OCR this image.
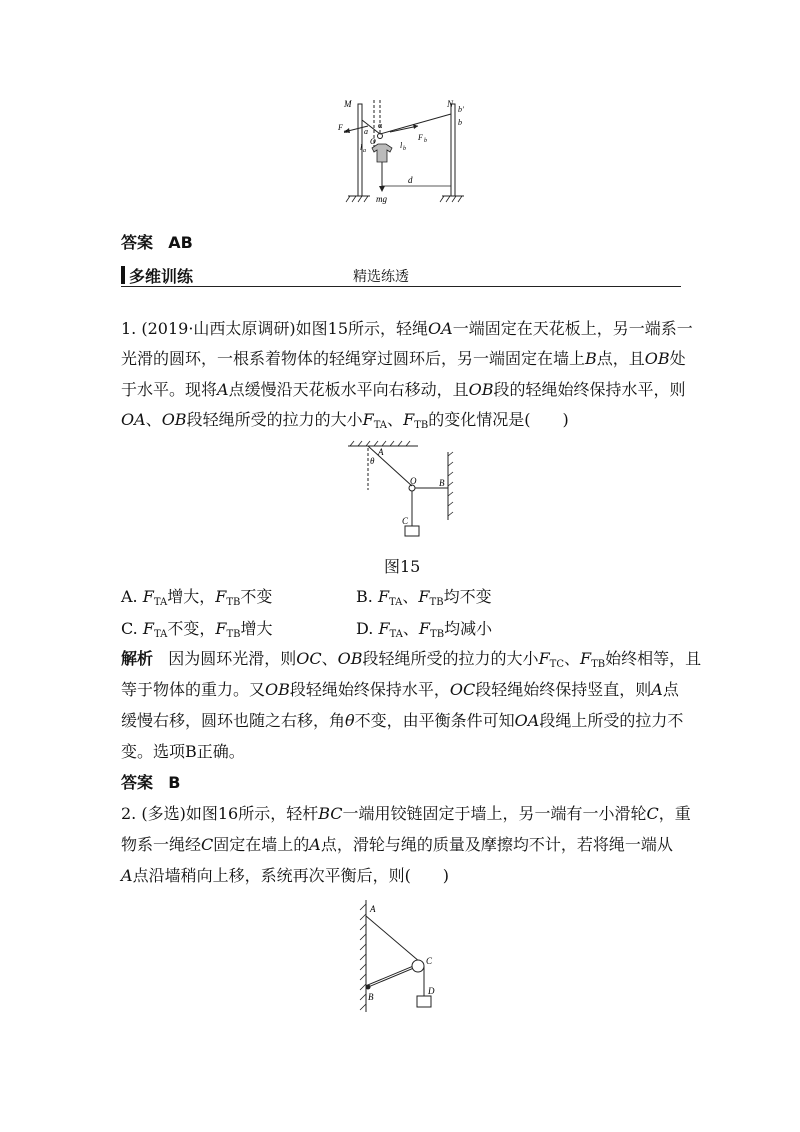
M	N
b′
b
F a a
α
O
l a
l b
F b
d
mg
答案 AB
多维训练	精选练透
1. (2019·山西太原调研)如图15所示，轻绳OA一端固定在天花板上，另一端系一
光滑的圆环，一根系着物体的轻绳穿过圆环后，另一端固定在墙上B点，且OB处
于水平。现将A点缓慢沿天花板水平向右移动，且OB段的轻绳始终保持水平，则
OA、OB段轻绳所受的拉力的大小$F_{TA}$、$F_{TB}$的变化情况是(　　)
A
θ
O	B
C
图15
A. $F_{TA}$增大，$F_{TB}$不变	B. $F_{TA}$、$F_{TB}$均不变
C. $F_{TA}$不变，$F_{TB}$增大	D. $F_{TA}$、$F_{TB}$均减小
解析 因为圆环光滑，则OC、OB段轻绳所受的拉力的大小$F_{TC}$、$F_{TB}$始终相等，且
等于物体的重力。又OB段轻绳始终保持水平，OC段轻绳始终保持竖直，则A点
缓慢右移，圆环也随之右移，角θ不变，由平衡条件可知OA段绳上所受的拉力不
变。选项B正确。
答案 B
2. (多选)如图16所示，轻杆BC一端用铰链固定于墙上，另一端有一小滑轮C，重
物系一绳经C固定在墙上的A点，滑轮与绳的质量及摩擦均不计，若将绳一端从
A点沿墙稍向上移，系统再次平衡后，则(　　)
A
B
C
D
